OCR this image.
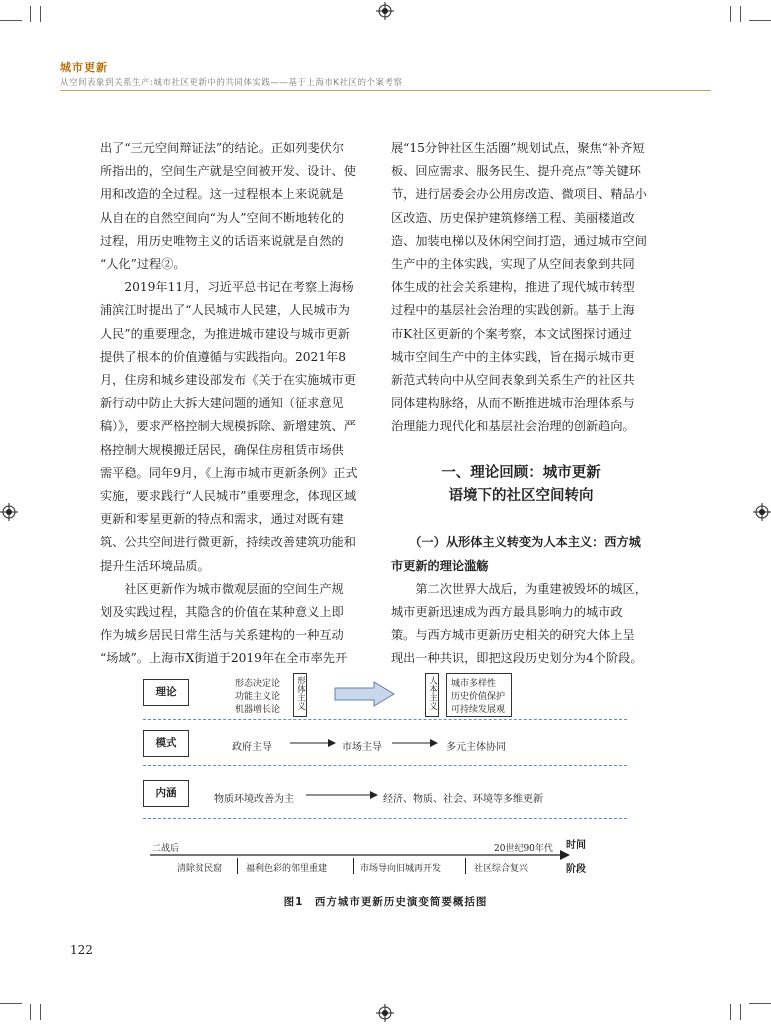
城市更新
从空间表象到关系生产:城市社区更新中的共同体实践——基于上海市K社区的个案考察

出了“三元空间辩证法”的结论。正如列斐伏尔

所指出的，空间生产就是空间被开发、设计、使

用和改造的全过程。这一过程根本上来说就是

从自在的自然空间向“为人”空间不断地转化的

过程，用历史唯物主义的话语来说就是自然的

“人化”过程②。

　　2019年11月，习近平总书记在考察上海杨

浦滨江时提出了“人民城市人民建，人民城市为

人民”的重要理念，为推进城市建设与城市更新

提供了根本的价值遵循与实践指向。2021年8

月，住房和城乡建设部发布《关于在实施城市更

新行动中防止大拆大建问题的通知（征求意见

稿）》，要求严格控制大规模拆除、新增建筑、严

格控制大规模搬迁居民，确保住房租赁市场供

需平稳。同年9月，《上海市城市更新条例》正式

实施，要求践行“人民城市”重要理念，体现区域

更新和零星更新的特点和需求，通过对既有建

筑、公共空间进行微更新，持续改善建筑功能和

提升生活环境品质。

　　社区更新作为城市微观层面的空间生产规

划及实践过程，其隐含的价值在某种意义上即

作为城乡居民日常生活与关系建构的一种互动

“场域”。上海市X街道于2019年在全市率先开

展“15分钟社区生活圈”规划试点，聚焦“补齐短

板、回应需求、服务民生、提升亮点”等关键环

节，进行居委会办公用房改造、微项目、精品小

区改造、历史保护建筑修缮工程、美丽楼道改

造、加装电梯以及休闲空间打造，通过城市空间

生产中的主体实践，实现了从空间表象到共同

体生成的社会关系建构，推进了现代城市转型

过程中的基层社会治理的实践创新。基于上海

市K社区更新的个案考察，本文试图探讨通过

城市空间生产中的主体实践，旨在揭示城市更

新范式转向中从空间表象到关系生产的社区共

同体建构脉络，从而不断推进城市治理体系与

治理能力现代化和基层社会治理的创新趋向。

一、理论回顾：城市更新

语境下的社区空间转向

　　（一）从形体主义转变为人本主义：西方城

市更新的理论滥觞

　　第二次世界大战后，为重建被毁坏的城区，

城市更新迅速成为西方最具影响力的城市政

策。与西方城市更新历史相关的研究大体上呈

现出一种共识，即把这段历史划分为4个阶段。

理论
形态决定论
功能主义论
机器增长论 形体主义	人本主义 城市多样性
历史价值保护
可持续发展观
模式	政府主导	市场主导	多元主体协同
内涵
物质环境改善为主	经济、物质、社会、环境等多维更新
二战后	20世纪90年代 时间
清除贫民窟	福利色彩的邻里重建	市场导向旧城再开发	社区综合复兴	阶段
图1　西方城市更新历史演变简要概括图
122
